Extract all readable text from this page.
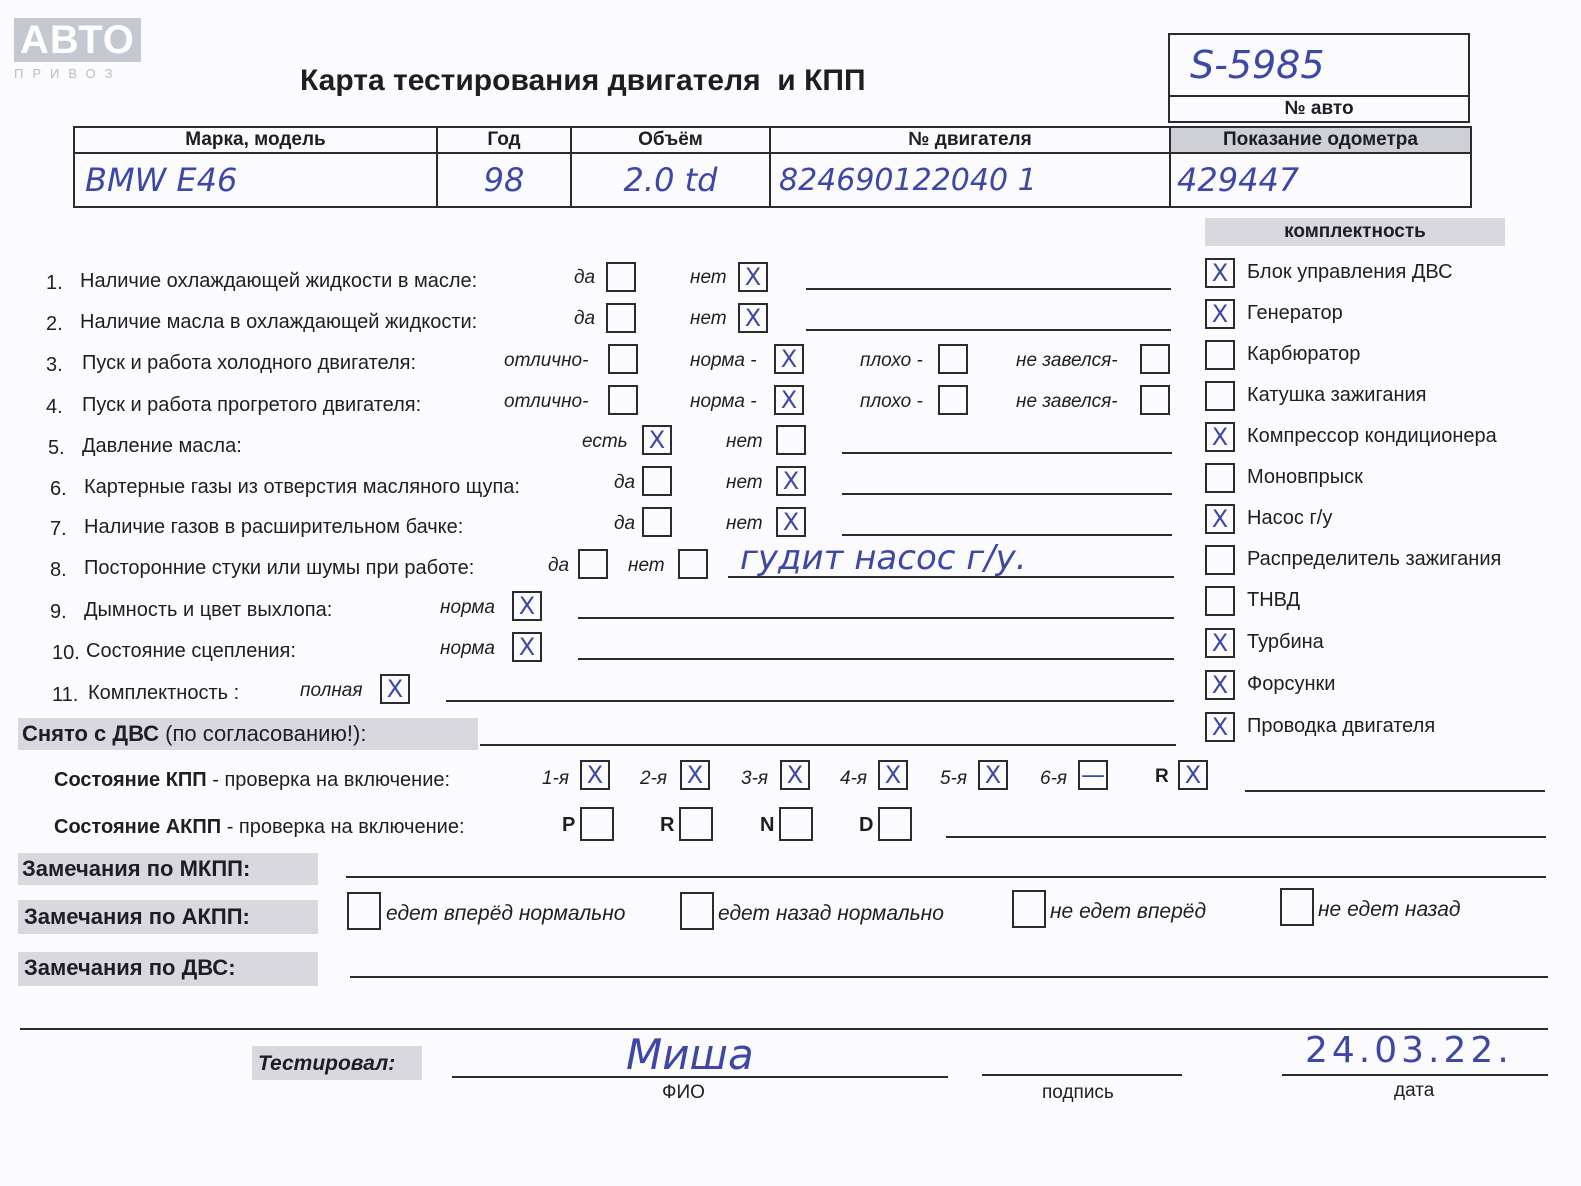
АВТО
ПРИВОЗ	Карта тестирования двигателя  и КПП	S-5985

№ авто
Марка, модель	Год	Объём	№ двигателя	Показание одометра
BMW E46	98	2.0 td	824690122040 1	429447
комплектность
X Блок управления ДВС
X Генератор
Карбюратор
Катушка зажигания
X Компрессор кондиционера
Моновпрыск
X Насос г/у
Распределитель зажигания
ТНВД
X Турбина
X Форсунки
X Проводка двигателя
1. Наличие охлаждающей жидкости в масле:	да	нет X
2. Наличие масла в охлаждающей жидкости:	да	нет X
3. Пуск и работа холодного двигателя:	отлично-	норма - X	плохо -	не завелся-
4. Пуск и работа прогретого двигателя:	отлично-	норма - X	плохо -	не завелся-
5. Давление масла:	есть X	нет
6. Картерные газы из отверстия масляного щупа:	да	нет X
7. Наличие газов в расширительном бачке:	да	нет X
8. Посторонние стуки или шумы при работе:	да	нет гудит насос г/у.
9. Дымность и цвет выхлопа:	норма X
10. Состояние сцепления:	норма X
11. Комплектность :	полная X
Снято с ДВС (по согласованию!):
Состояние КПП - проверка на включение:	1-я X 2-я X 3-я X 4-я X 5-я X 6-я —	R X
Состояние АКПП - проверка на включение:	P	R	N	D
Замечания по МКПП:
Замечания по АКПП:	едет вперёд нормально	едет назад нормально	не едет вперёд	не едет назад
Замечания по ДВС:
Тестировал:	Миша
ФИО	подпись
24.03.22.
дата
